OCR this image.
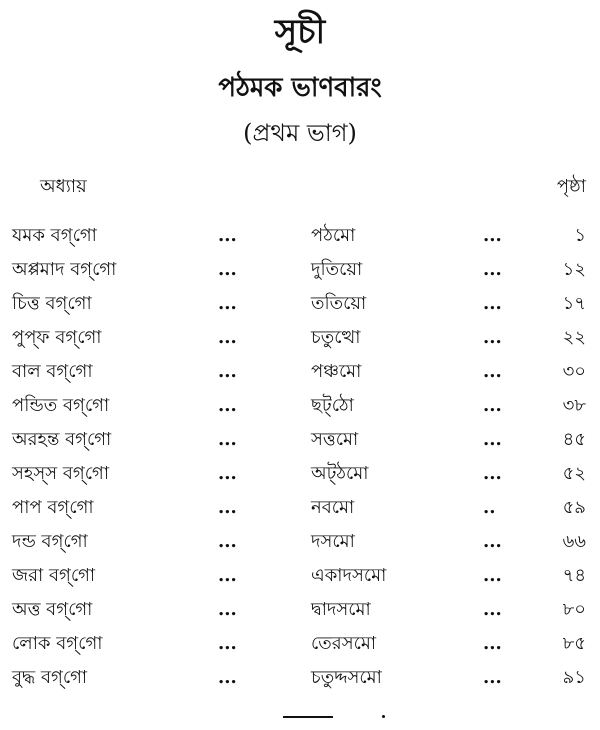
সূচী
পঠমক ভাণবারং
(প্রথম ভাগ)
অধ্যায়	পৃষ্ঠা
যমক বগ্‌গো	...	পঠমো	...	১
অপ্পমাদ বগ্‌গো	...	দুতিয়ো	...	১২
চিত্ত বগ্‌গো	...	ততিয়ো	...	১৭
পুপ্‌ফ বগ্‌গো	...	চতুত্থো	...	২২
বাল বগ্‌গো	...	পঞ্চমো	...	৩০
পন্ডিত বগ্‌গো	...	ছট্‌ঠো	...	৩৮
অরহন্ত বগ্‌গো	...	সত্তমো	...	৪৫
সহস্‌স বগ্‌গো	...	অট্‌ঠমো	...	৫২
পাপ বগ্‌গো	...	নবমো	..	৫৯
দন্ড বগ্‌গো	...	দসমো	...	৬৬
জরা বগ্‌গো	...	একাদসমো	...	৭৪
অত্ত বগ্‌গো	...	দ্বাদসমো	...	৮০
লোক বগ্‌গো	...	তেরসমো	...	৮৫
বুদ্ধ বগ্‌গো	...	চতুদ্দসমো	...	৯১
